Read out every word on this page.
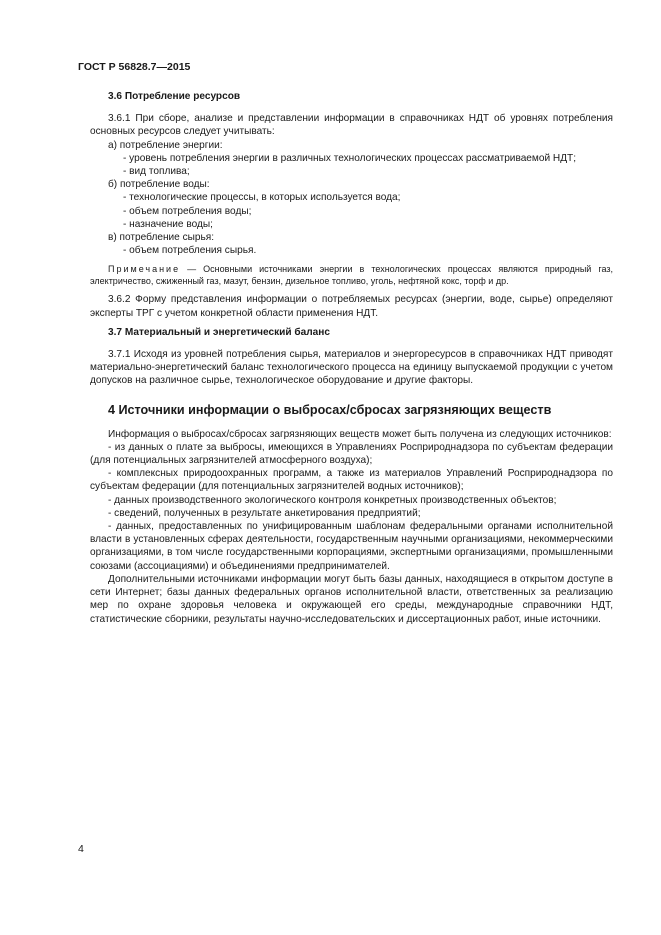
ГОСТ Р 56828.7—2015
3.6 Потребление ресурсов

3.6.1 При сборе, анализе и представлении информации в справочниках НДТ об уровнях потребления основных ресурсов следует учитывать:

а) потребление энергии:

- уровень потребления энергии в различных технологических процессах рассматриваемой НДТ;

- вид топлива;

б) потребление воды:

- технологические процессы, в которых используется вода;

- объем потребления воды;

- назначение воды;

в) потребление сырья:

- объем потребления сырья.

Примечание — Основными источниками энергии в технологических процессах являются природный газ, электричество, сжиженный газ, мазут, бензин, дизельное топливо, уголь, нефтяной кокс, торф и др.

3.6.2 Форму представления информации о потребляемых ресурсах (энергии, воде, сырье) определяют эксперты ТРГ с учетом конкретной области применения НДТ.

3.7 Материальный и энергетический баланс

3.7.1 Исходя из уровней потребления сырья, материалов и энергоресурсов в справочниках НДТ приводят материально-энергетический баланс технологического процесса на единицу выпускаемой продукции с учетом допусков на различное сырье, технологическое оборудование и другие факторы.

4 Источники информации о выбросах/сбросах загрязняющих веществ

Информация о выбросах/сбросах загрязняющих веществ может быть получена из следующих источников:

- из данных о плате за выбросы, имеющихся в Управлениях Росприроднадзора по субъектам федерации (для потенциальных загрязнителей атмосферного воздуха);

- комплексных природоохранных программ, а также из материалов Управлений Росприроднадзора по субъектам федерации (для потенциальных загрязнителей водных источников);

- данных производственного экологического контроля конкретных производственных объектов;

- сведений, полученных в результате анкетирования предприятий;

- данных, предоставленных по унифицированным шаблонам федеральными органами исполнительной власти в установленных сферах деятельности, государственным научными организациями, некоммерческими организациями, в том числе государственными корпорациями, экспертными организациями, промышленными союзами (ассоциациями) и объединениями предпринимателей.

Дополнительными источниками информации могут быть базы данных, находящиеся в открытом доступе в сети Интернет; базы данных федеральных органов исполнительной власти, ответственных за реализацию мер по охране здоровья человека и окружающей его среды, международные справочники НДТ, статистические сборники, результаты научно-исследовательских и диссертационных работ, иные источники.

4
